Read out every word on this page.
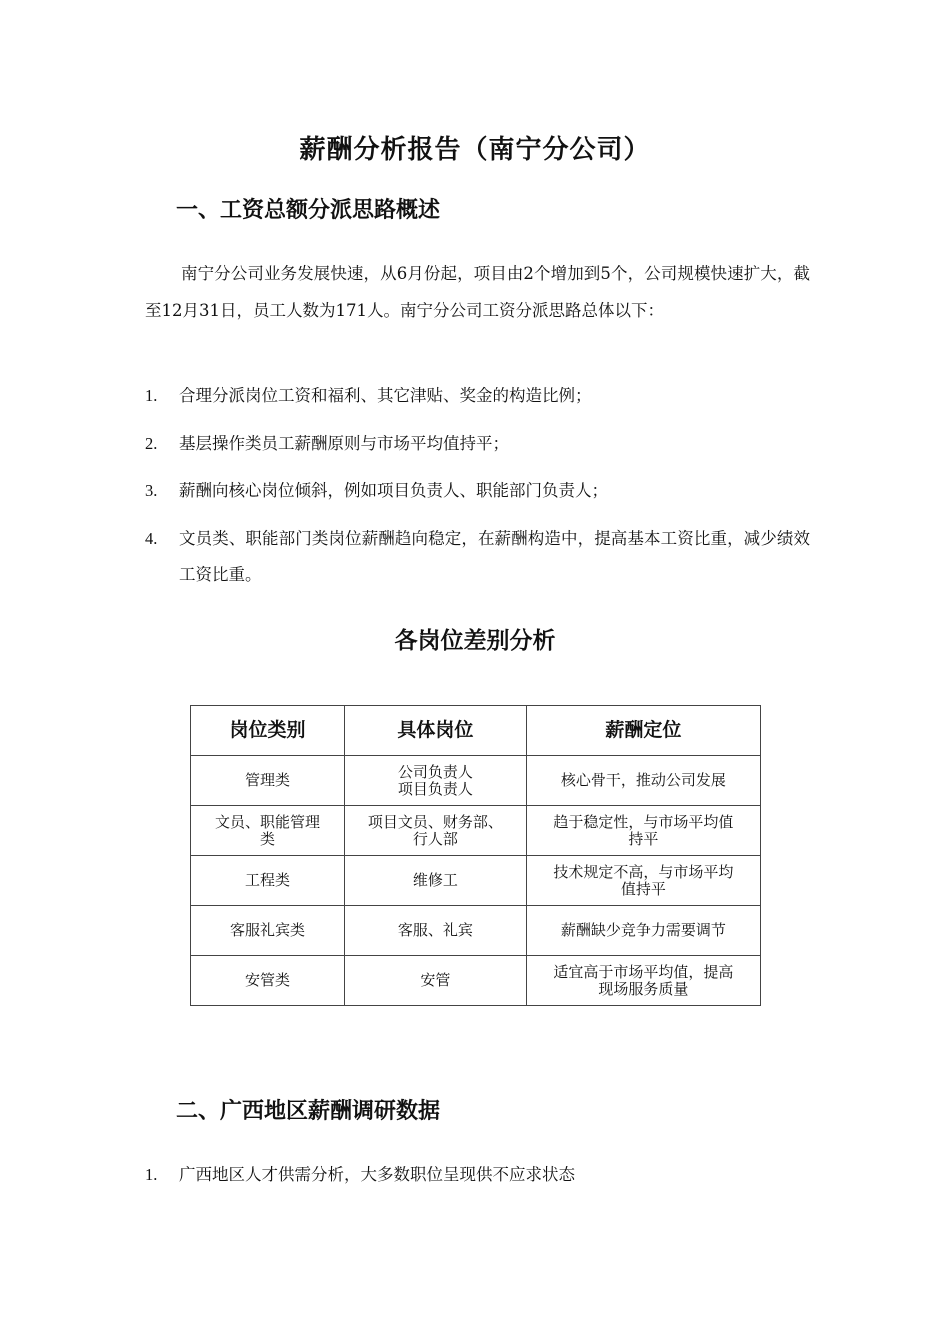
薪酬分析报告（南宁分公司）
一、工资总额分派思路概述

南宁分公司业务发展快速，从6月份起，项目由2个增加到5个，公司规模快速扩大，截至12月31日，员工人数为171人。南宁分公司工资分派思路总体以下：

1. 合理分派岗位工资和福利、其它津贴、奖金的构造比例；
2. 基层操作类员工薪酬原则与市场平均值持平；
3. 薪酬向核心岗位倾斜，例如项目负责人、职能部门负责人；
4. 文员类、职能部门类岗位薪酬趋向稳定，在薪酬构造中，提高基本工资比重，减少绩效工资比重。
各岗位差别分析
岗位类别	具体岗位	薪酬定位

管理类	公司负责人
项目负责人	核心骨干，推动公司发展

文员、职能管理
类	项目文员、财务部、
行人部	趋于稳定性，与市场平均值
持平

工程类	维修工	技术规定不高，与市场平均
值持平

客服礼宾类	客服、礼宾	薪酬缺少竞争力需要调节

安管类	安管	适宜高于市场平均值，提高
现场服务质量
二、广西地区薪酬调研数据
1. 广西地区人才供需分析，大多数职位呈现供不应求状态
